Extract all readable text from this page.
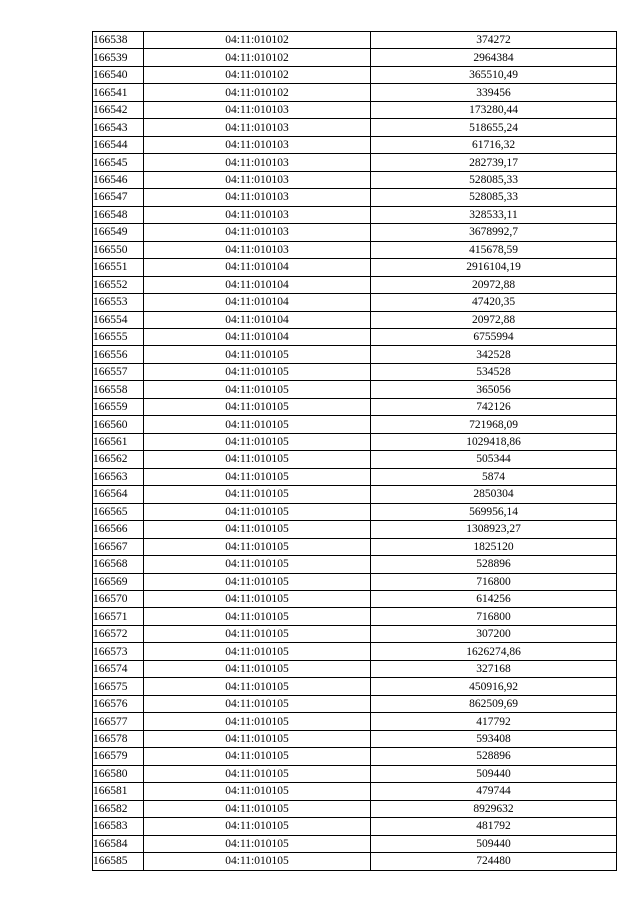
166538	04:11:010102	374272
166539	04:11:010102	2964384
166540	04:11:010102	365510,49
166541	04:11:010102	339456
166542	04:11:010103	173280,44
166543	04:11:010103	518655,24
166544	04:11:010103	61716,32
166545	04:11:010103	282739,17
166546	04:11:010103	528085,33
166547	04:11:010103	528085,33
166548	04:11:010103	328533,11
166549	04:11:010103	3678992,7
166550	04:11:010103	415678,59
166551	04:11:010104	2916104,19
166552	04:11:010104	20972,88
166553	04:11:010104	47420,35
166554	04:11:010104	20972,88
166555	04:11:010104	6755994
166556	04:11:010105	342528
166557	04:11:010105	534528
166558	04:11:010105	365056
166559	04:11:010105	742126
166560	04:11:010105	721968,09
166561	04:11:010105	1029418,86
166562	04:11:010105	505344
166563	04:11:010105	5874
166564	04:11:010105	2850304
166565	04:11:010105	569956,14
166566	04:11:010105	1308923,27
166567	04:11:010105	1825120
166568	04:11:010105	528896
166569	04:11:010105	716800
166570	04:11:010105	614256
166571	04:11:010105	716800
166572	04:11:010105	307200
166573	04:11:010105	1626274,86
166574	04:11:010105	327168
166575	04:11:010105	450916,92
166576	04:11:010105	862509,69
166577	04:11:010105	417792
166578	04:11:010105	593408
166579	04:11:010105	528896
166580	04:11:010105	509440
166581	04:11:010105	479744
166582	04:11:010105	8929632
166583	04:11:010105	481792
166584	04:11:010105	509440
166585	04:11:010105	724480
